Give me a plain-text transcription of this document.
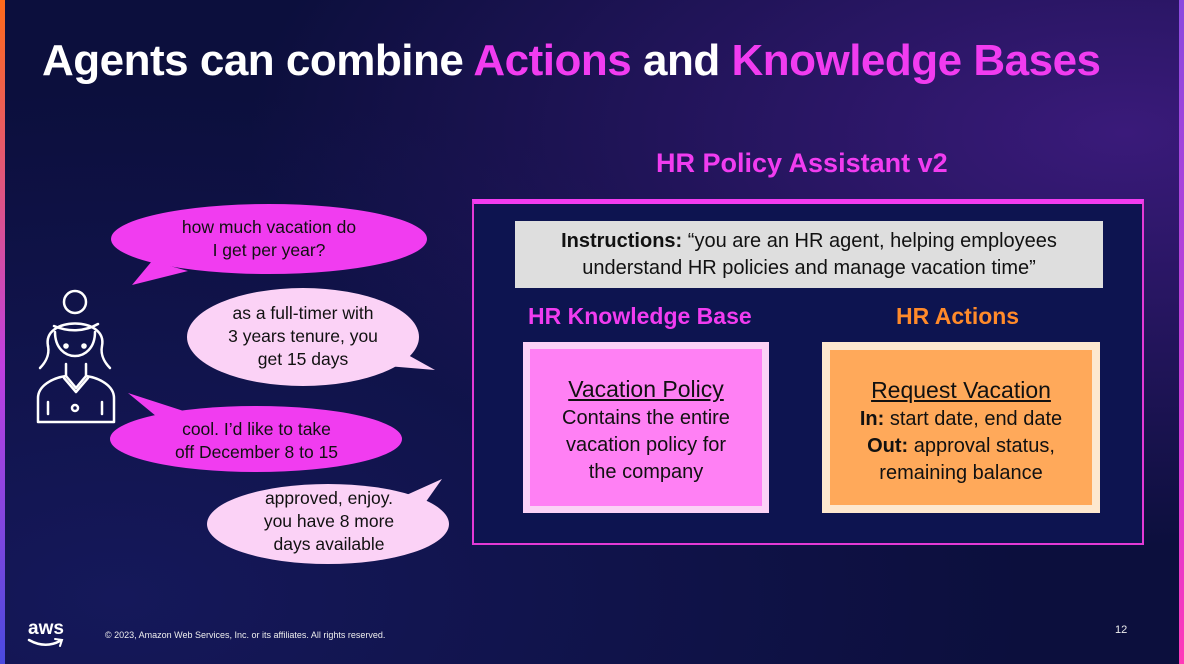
Agents can combine Actions and Knowledge Bases
HR Policy Assistant v2
Instructions: “you are an HR agent, helping employees
understand HR policies and manage vacation time”
HR Knowledge Base	HR Actions
Vacation Policy
Contains the entire
vacation policy for
the company
Request Vacation
In: start date, end date
Out: approval status,
remaining balance
how much vacation do
I get per year?
as a full-timer with
3 years tenure, you
get 15 days
cool. I’d like to take
off December 8 to 15
approved, enjoy.
you have 8 more
days available
aws	© 2023, Amazon Web Services, Inc. or its affiliates. All rights reserved.	12
